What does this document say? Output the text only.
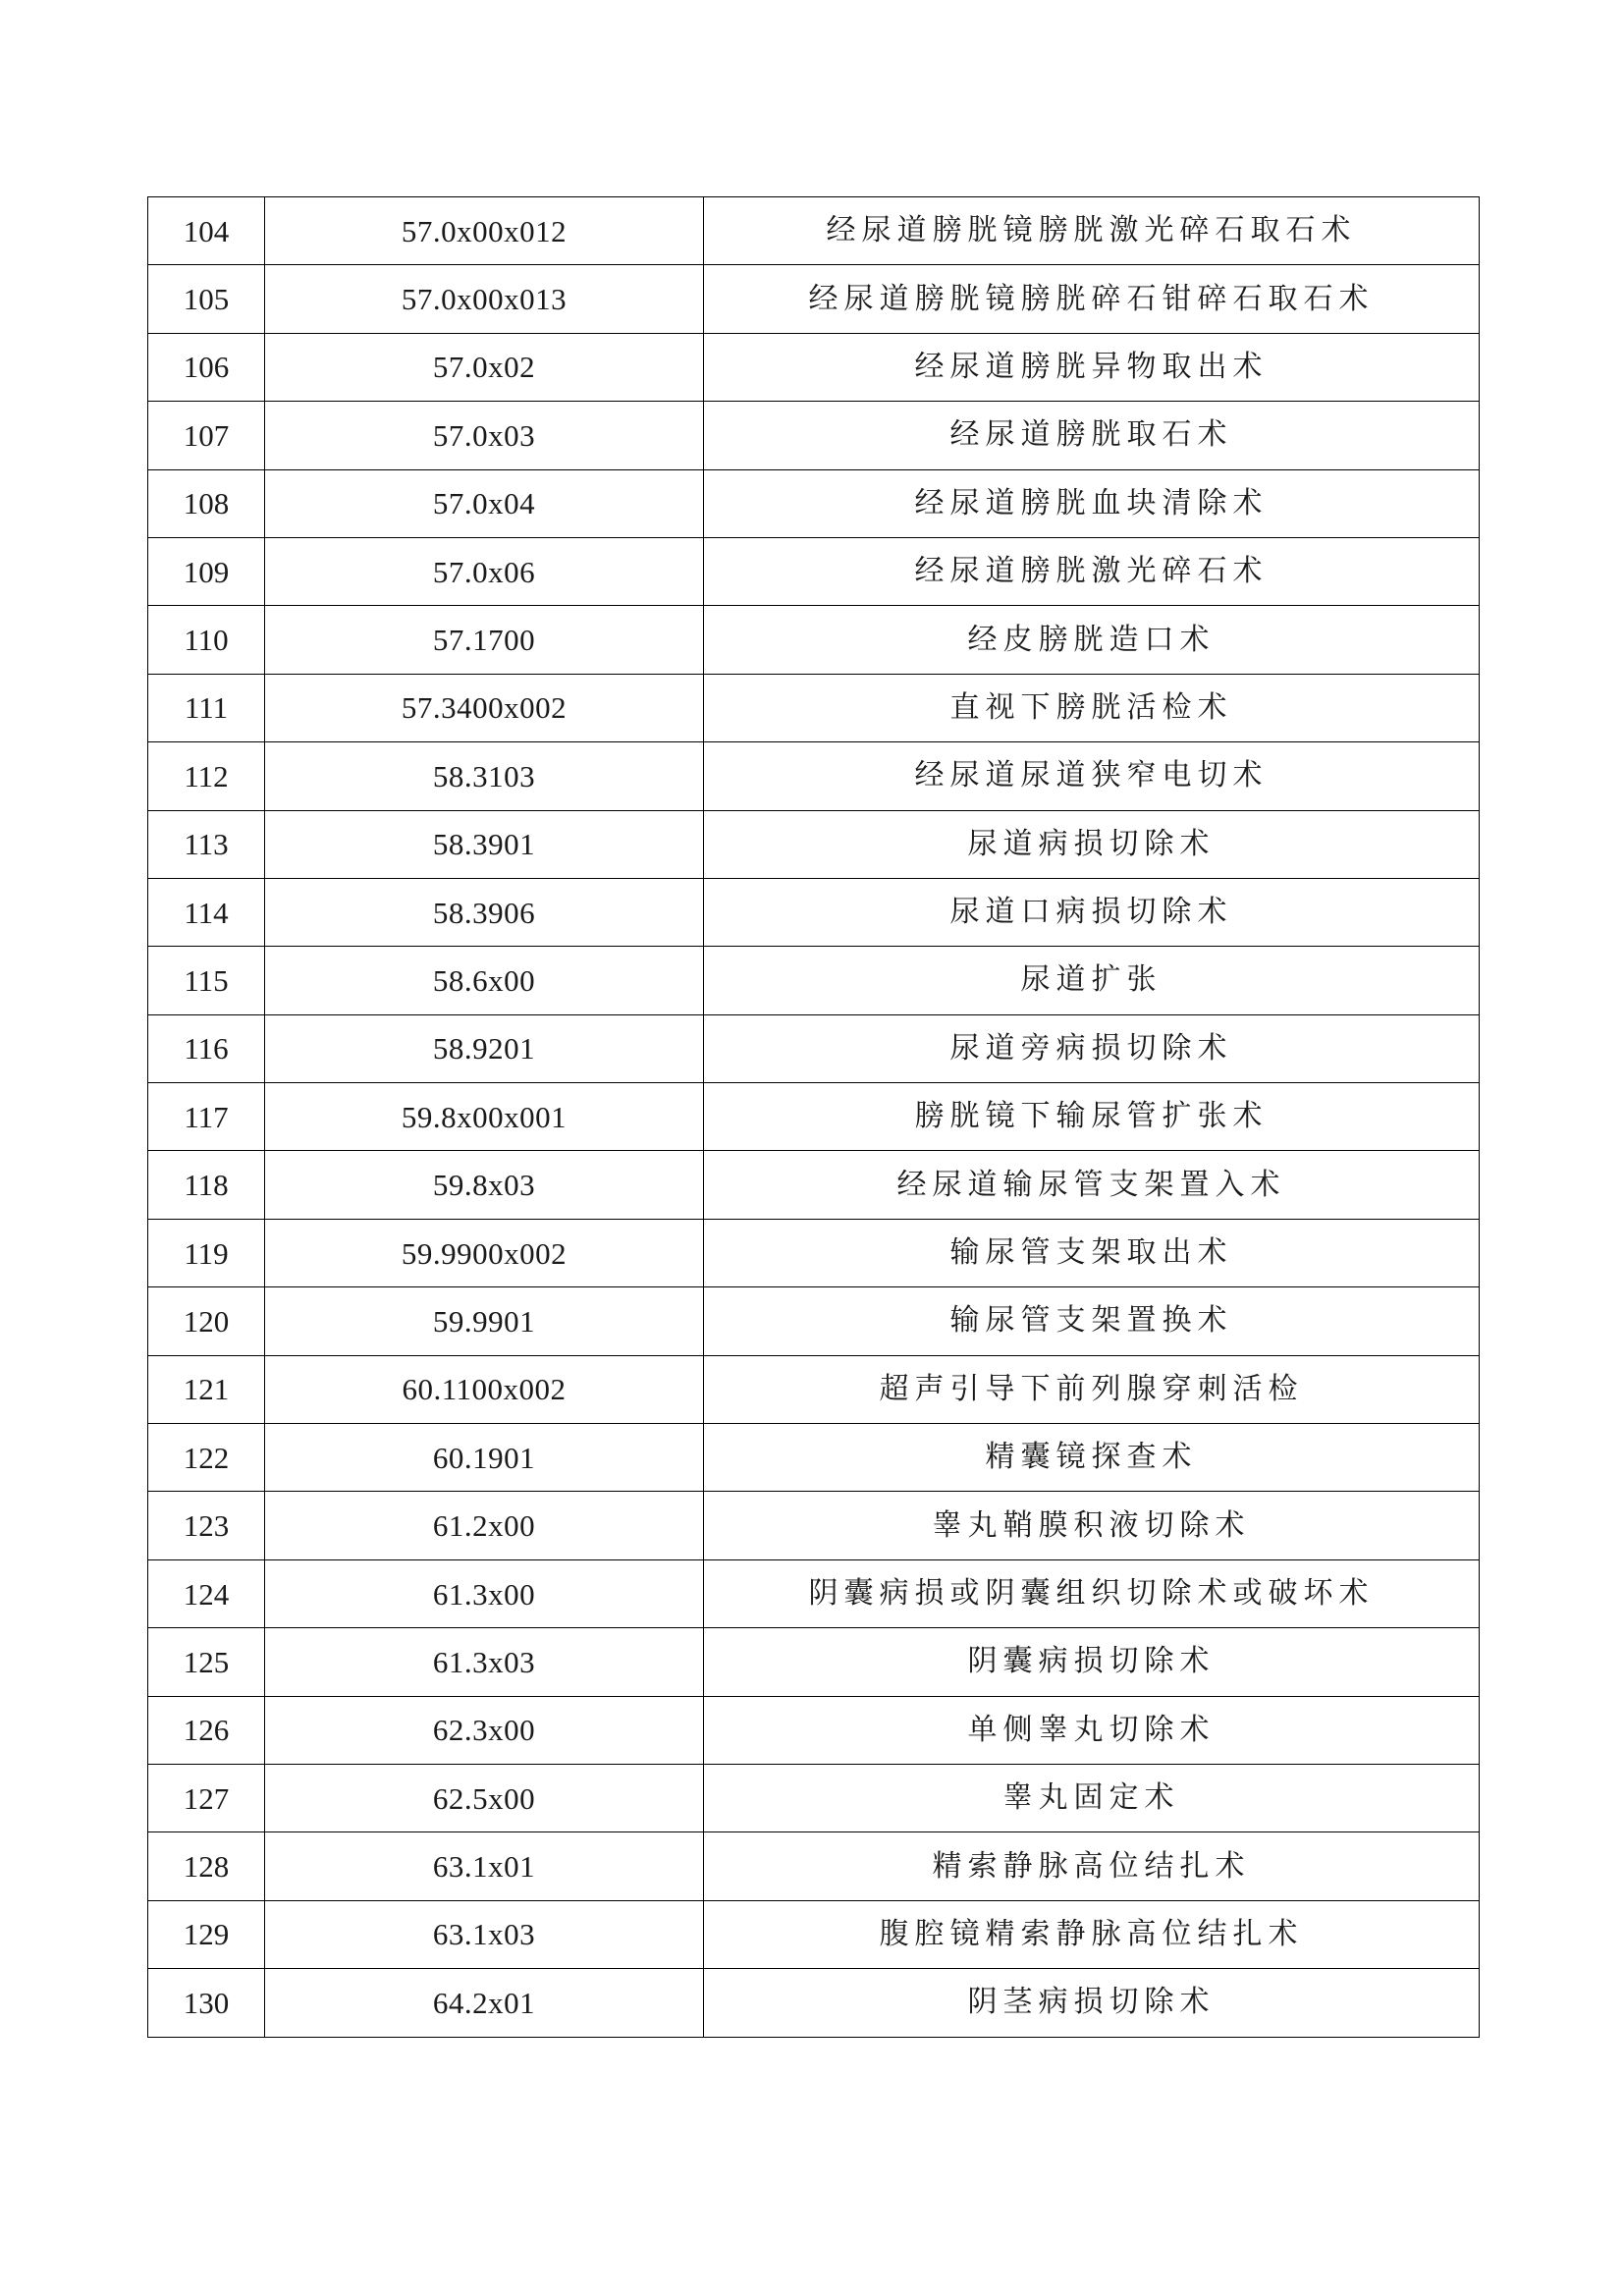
104	57.0x00x012	经尿道膀胱镜膀胱激光碎石取石术
105	57.0x00x013	经尿道膀胱镜膀胱碎石钳碎石取石术
106	57.0x02	经尿道膀胱异物取出术
107	57.0x03	经尿道膀胱取石术
108	57.0x04	经尿道膀胱血块清除术
109	57.0x06	经尿道膀胱激光碎石术
110	57.1700	经皮膀胱造口术
111	57.3400x002	直视下膀胱活检术
112	58.3103	经尿道尿道狭窄电切术
113	58.3901	尿道病损切除术
114	58.3906	尿道口病损切除术
115	58.6x00	尿道扩张
116	58.9201	尿道旁病损切除术
117	59.8x00x001	膀胱镜下输尿管扩张术
118	59.8x03	经尿道输尿管支架置入术
119	59.9900x002	输尿管支架取出术
120	59.9901	输尿管支架置换术
121	60.1100x002	超声引导下前列腺穿刺活检
122	60.1901	精囊镜探查术
123	61.2x00	睾丸鞘膜积液切除术
124	61.3x00	阴囊病损或阴囊组织切除术或破坏术
125	61.3x03	阴囊病损切除术
126	62.3x00	单侧睾丸切除术
127	62.5x00	睾丸固定术
128	63.1x01	精索静脉高位结扎术
129	63.1x03	腹腔镜精索静脉高位结扎术
130	64.2x01	阴茎病损切除术
